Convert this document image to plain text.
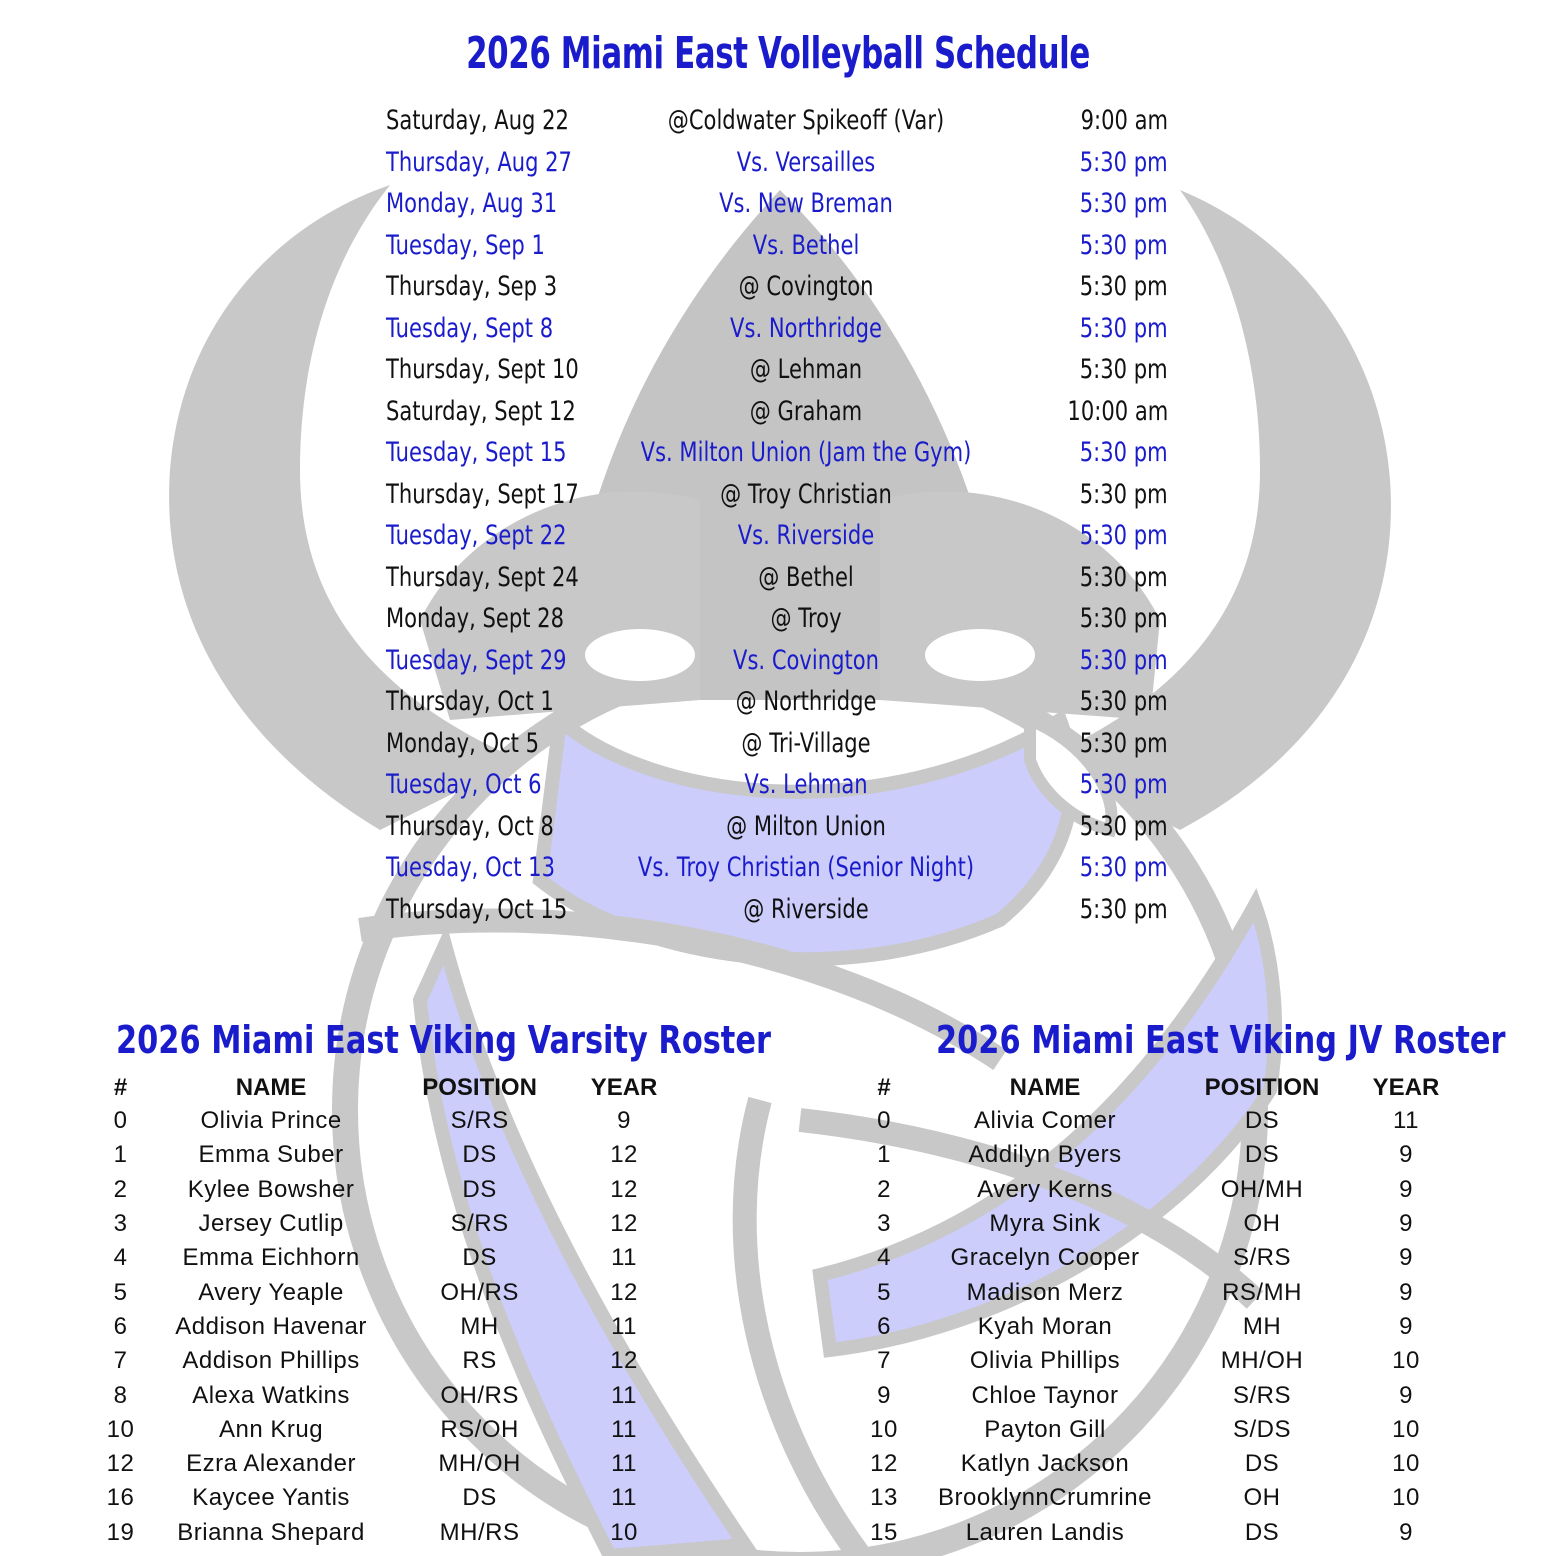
2026 Miami East Volleyball Schedule
Saturday, Aug 22	@Coldwater Spikeoff (Var)	9:00 am
Thursday, Aug 27	Vs. Versailles	5:30 pm
Monday, Aug 31	Vs. New Breman	5:30 pm
Tuesday, Sep 1	Vs. Bethel	5:30 pm
Thursday, Sep 3	@ Covington	5:30 pm
Tuesday, Sept 8	Vs. Northridge	5:30 pm
Thursday, Sept 10	@ Lehman	5:30 pm
Saturday, Sept 12	@ Graham	10:00 am
Tuesday, Sept 15	Vs. Milton Union (Jam the Gym)	5:30 pm
Thursday, Sept 17	@ Troy Christian	5:30 pm
Tuesday, Sept 22	Vs. Riverside	5:30 pm
Thursday, Sept 24	@ Bethel	5:30 pm
Monday, Sept 28	@ Troy	5:30 pm
Tuesday, Sept 29	Vs. Covington	5:30 pm
Thursday, Oct 1	@ Northridge	5:30 pm
Monday, Oct 5	@ Tri-Village	5:30 pm
Tuesday, Oct 6	Vs. Lehman	5:30 pm
Thursday, Oct 8	@ Milton Union	5:30 pm
Tuesday, Oct 13	Vs. Troy Christian (Senior Night)	5:30 pm
Thursday, Oct 15	@ Riverside	5:30 pm
2026 Miami East Viking Varsity Roster
#	NAME	POSITION	YEAR
0	Olivia Prince	S/RS	9
1	Emma Suber	DS	12
2	Kylee Bowsher	DS	12
3	Jersey Cutlip	S/RS	12
4	Emma Eichhorn	DS	11
5	Avery Yeaple	OH/RS	12
6	Addison Havenar	MH	11
7	Addison Phillips	RS	12
8	Alexa Watkins	OH/RS	11
10	Ann Krug	RS/OH	11
12	Ezra Alexander	MH/OH	11
16	Kaycee Yantis	DS	11
19	Brianna Shepard	MH/RS	10
2026 Miami East Viking JV Roster
#	NAME	POSITION	YEAR
0	Alivia Comer	DS	11
1	Addilyn Byers	DS	9
2	Avery Kerns	OH/MH	9
3	Myra Sink	OH	9
4	Gracelyn Cooper	S/RS	9
5	Madison Merz	RS/MH	9
6	Kyah Moran	MH	9
7	Olivia Phillips	MH/OH	10
9	Chloe Taynor	S/RS	9
10	Payton Gill	S/DS	10
12	Katlyn Jackson	DS	10
13	BrooklynnCrumrine	OH	10
15	Lauren Landis	DS	9
